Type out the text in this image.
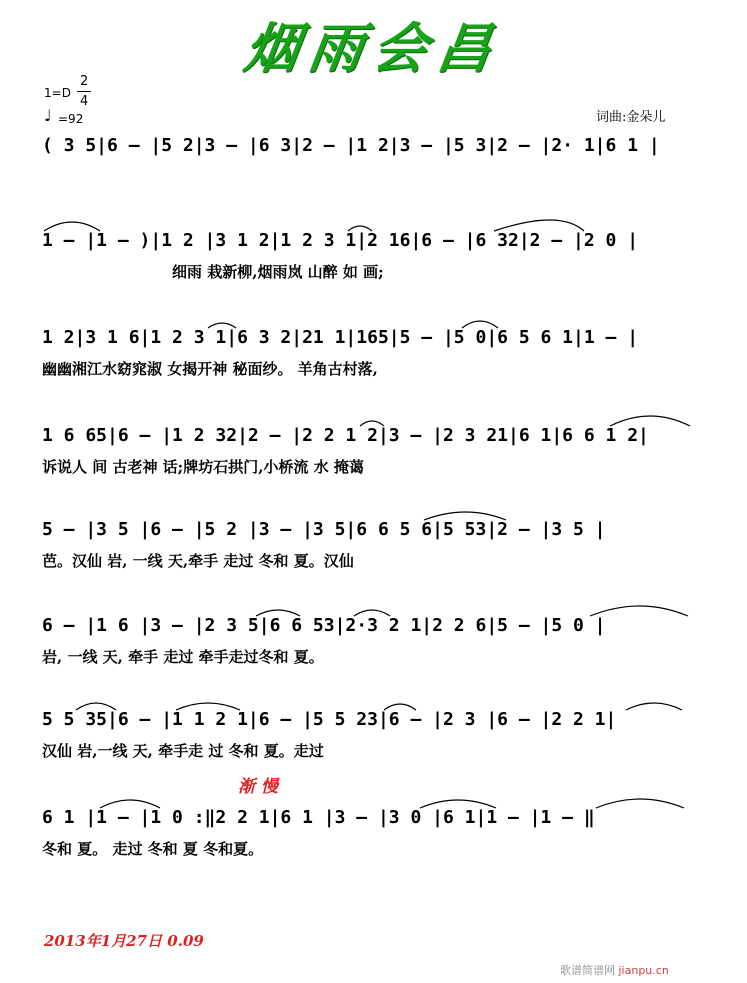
烟雨会昌
1=D
2
4
♩ =92	词曲:金朵儿
( 3 5|6 – |5 2|3 – |6 3|2 – |1 2|3 – |5 3|2 – |2· 1|6 1 |
1 – |1 – )|1 2 |3 1 2|1 2 3 1|2 16|6 – |6 32|2 – |2 0 |
细雨 栽新柳,烟雨岚 山醉 如 画;
1 2|3 1 6|1 2 3 1|6 3 2|21 1|165|5 – |5 0|6 5 6 1|1 – |
幽幽湘江水窈窕淑 女揭开神 秘面纱。 羊角古村落,
1 6 65|6 – |1 2 32|2 – |2 2 1 2|3 – |2 3 21|6 1|6 6 1 2|
诉说人 间 古老神 话;牌坊石拱门,小桥流 水 掩蔼
5 – |3 5 |6 – |5 2 |3 – |3 5|6 6 5 6|5 53|2 – |3 5 |
芭。汉仙 岩, 一线 天,牵手 走过 冬和 夏。汉仙
6 – |1 6 |3 – |2 3 5|6 6 53|2·3 2 1|2 2 6|5 – |5 0 |
岩, 一线 天, 牵手 走过 牵手走过冬和 夏。
5 5 35|6 – |1 1 2 1|6 – |5 5 23|6 – |2 3 |6 – |2 2 1|
汉仙 岩,一线 天, 牵手走 过 冬和 夏。走过
渐 慢
6 1 |1 – |1 0 :‖2 2 1|6 1 |3 – |3 0 |6 1|1 – |1 – ‖
冬和 夏。 走过 冬和 夏 冬和夏。
2013年1月27日 0.09
歌谱简谱网 jianpu.cn
